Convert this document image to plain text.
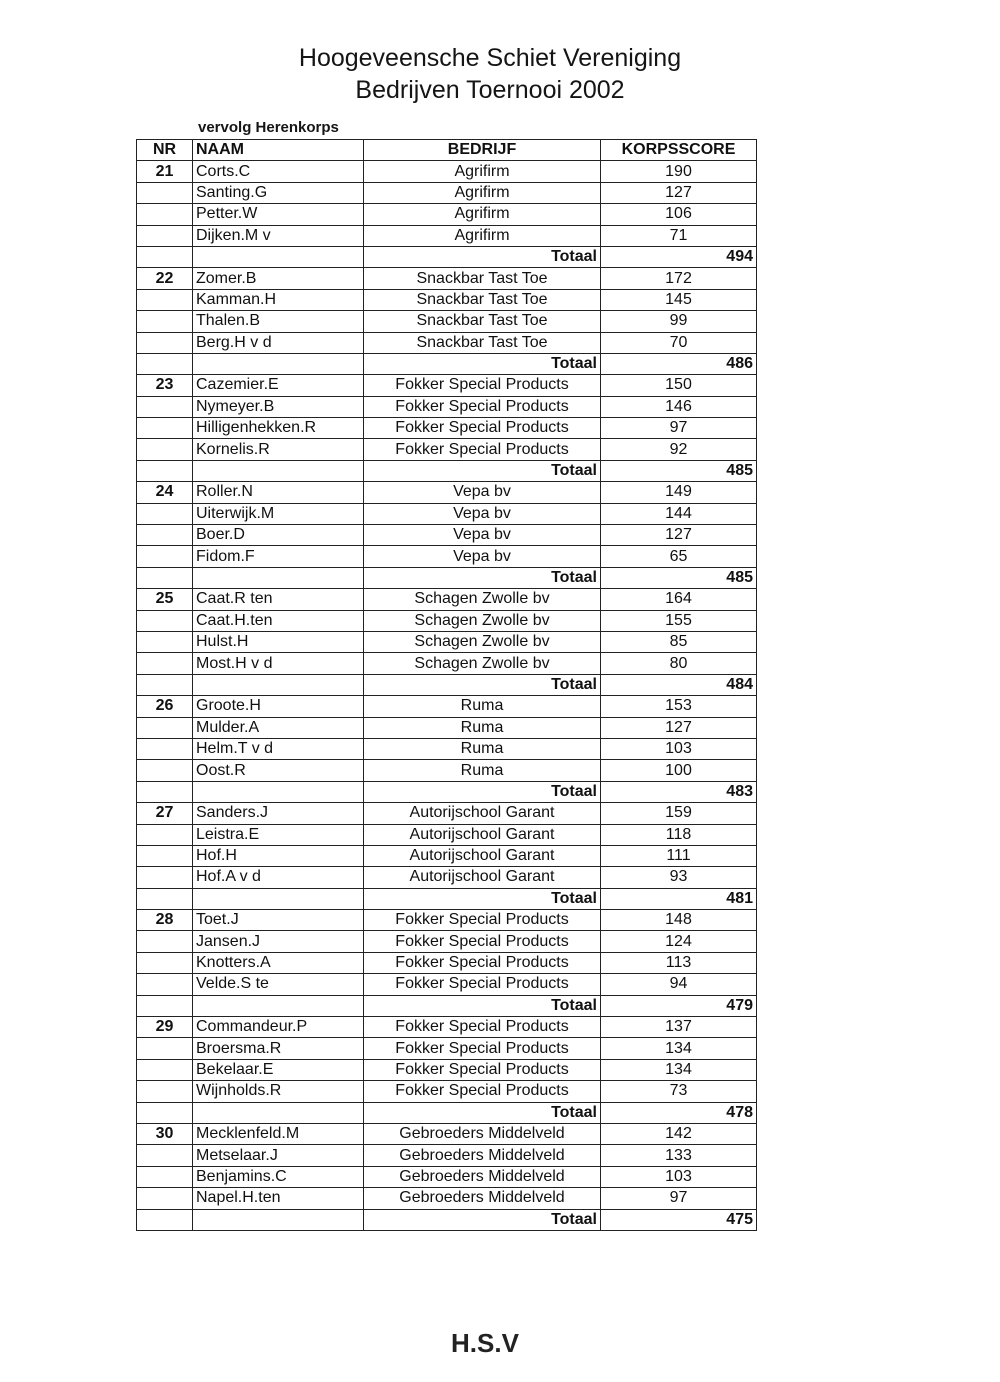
Hoogeveensche Schiet Vereniging
Bedrijven Toernooi 2002
vervolg Herenkorps
NR	NAAM	BEDRIJF	KORPSSCORE
21	Corts.C	Agrifirm	190
	Santing.G	Agrifirm	127
	Petter.W	Agrifirm	106
	Dijken.M v	Agrifirm	71
		Totaal	494
22	Zomer.B	Snackbar Tast Toe	172
	Kamman.H	Snackbar Tast Toe	145
	Thalen.B	Snackbar Tast Toe	99
	Berg.H v d	Snackbar Tast Toe	70
		Totaal	486
23	Cazemier.E	Fokker Special Products	150
	Nymeyer.B	Fokker Special Products	146
	Hilligenhekken.R	Fokker Special Products	97
	Kornelis.R	Fokker Special Products	92
		Totaal	485
24	Roller.N	Vepa bv	149
	Uiterwijk.M	Vepa bv	144
	Boer.D	Vepa bv	127
	Fidom.F	Vepa bv	65
		Totaal	485
25	Caat.R ten	Schagen Zwolle bv	164
	Caat.H.ten	Schagen Zwolle bv	155
	Hulst.H	Schagen Zwolle bv	85
	Most.H v d	Schagen Zwolle bv	80
		Totaal	484
26	Groote.H	Ruma	153
	Mulder.A	Ruma	127
	Helm.T v d	Ruma	103
	Oost.R	Ruma	100
		Totaal	483
27	Sanders.J	Autorijschool Garant	159
	Leistra.E	Autorijschool Garant	118
	Hof.H	Autorijschool Garant	111
	Hof.A v d	Autorijschool Garant	93
		Totaal	481
28	Toet.J	Fokker Special Products	148
	Jansen.J	Fokker Special Products	124
	Knotters.A	Fokker Special Products	113
	Velde.S te	Fokker Special Products	94
		Totaal	479
29	Commandeur.P	Fokker Special Products	137
	Broersma.R	Fokker Special Products	134
	Bekelaar.E	Fokker Special Products	134
	Wijnholds.R	Fokker Special Products	73
		Totaal	478
30	Mecklenfeld.M	Gebroeders Middelveld	142
	Metselaar.J	Gebroeders Middelveld	133
	Benjamins.C	Gebroeders Middelveld	103
	Napel.H.ten	Gebroeders Middelveld	97
		Totaal	475
H.S.V
